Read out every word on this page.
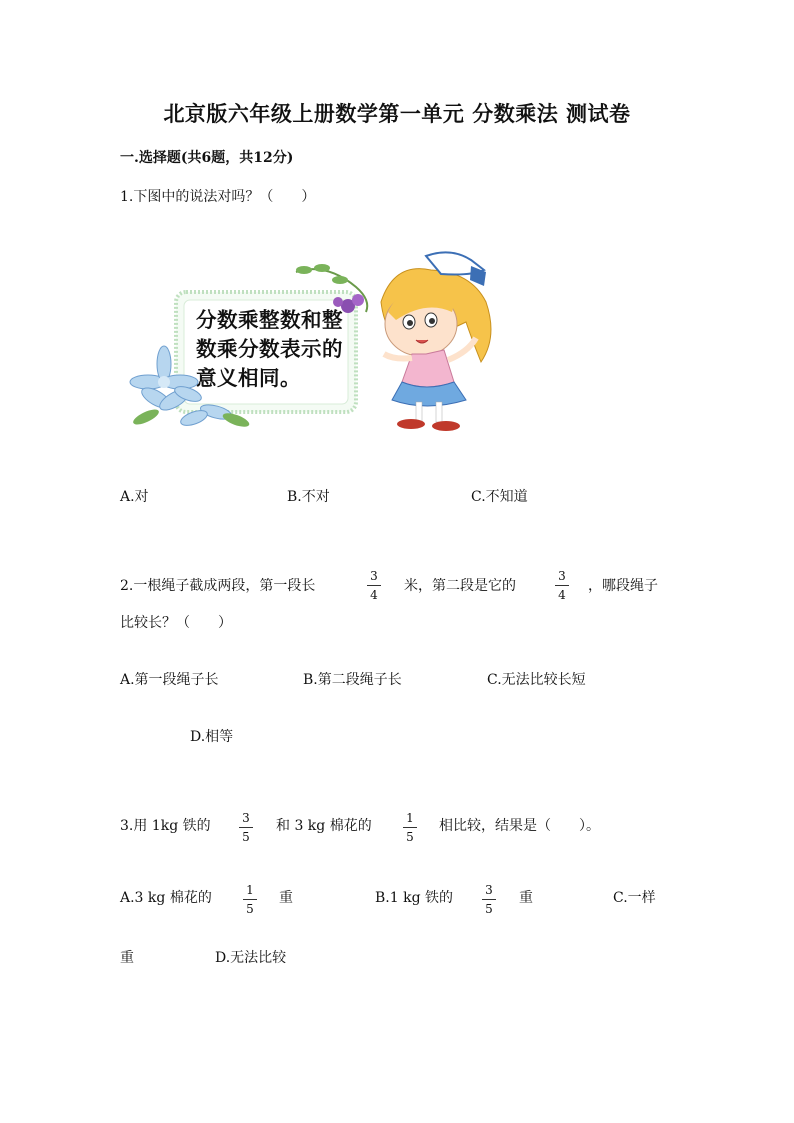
北京版六年级上册数学第一单元 分数乘法 测试卷
一.选择题(共6题，共12分)
1.下图中的说法对吗？（　　）
分数乘整数和整数乘分数表示的意义相同。
A.对	B.不对	C.不知道
2.一根绳子截成两段，第一段长
3
4
米，第二段是它的
3
4
，哪段绳子
比较长？（　　）
A.第一段绳子长	B.第二段绳子长	C.无法比较长短
D.相等
3.用 1kg 铁的	3
5
和 3 kg 棉花的	1
5
相比较，结果是（　　）。
A.3 kg 棉花的	1
5
重	B.1 kg 铁的	3
5
重	C.一样
重	D.无法比较
